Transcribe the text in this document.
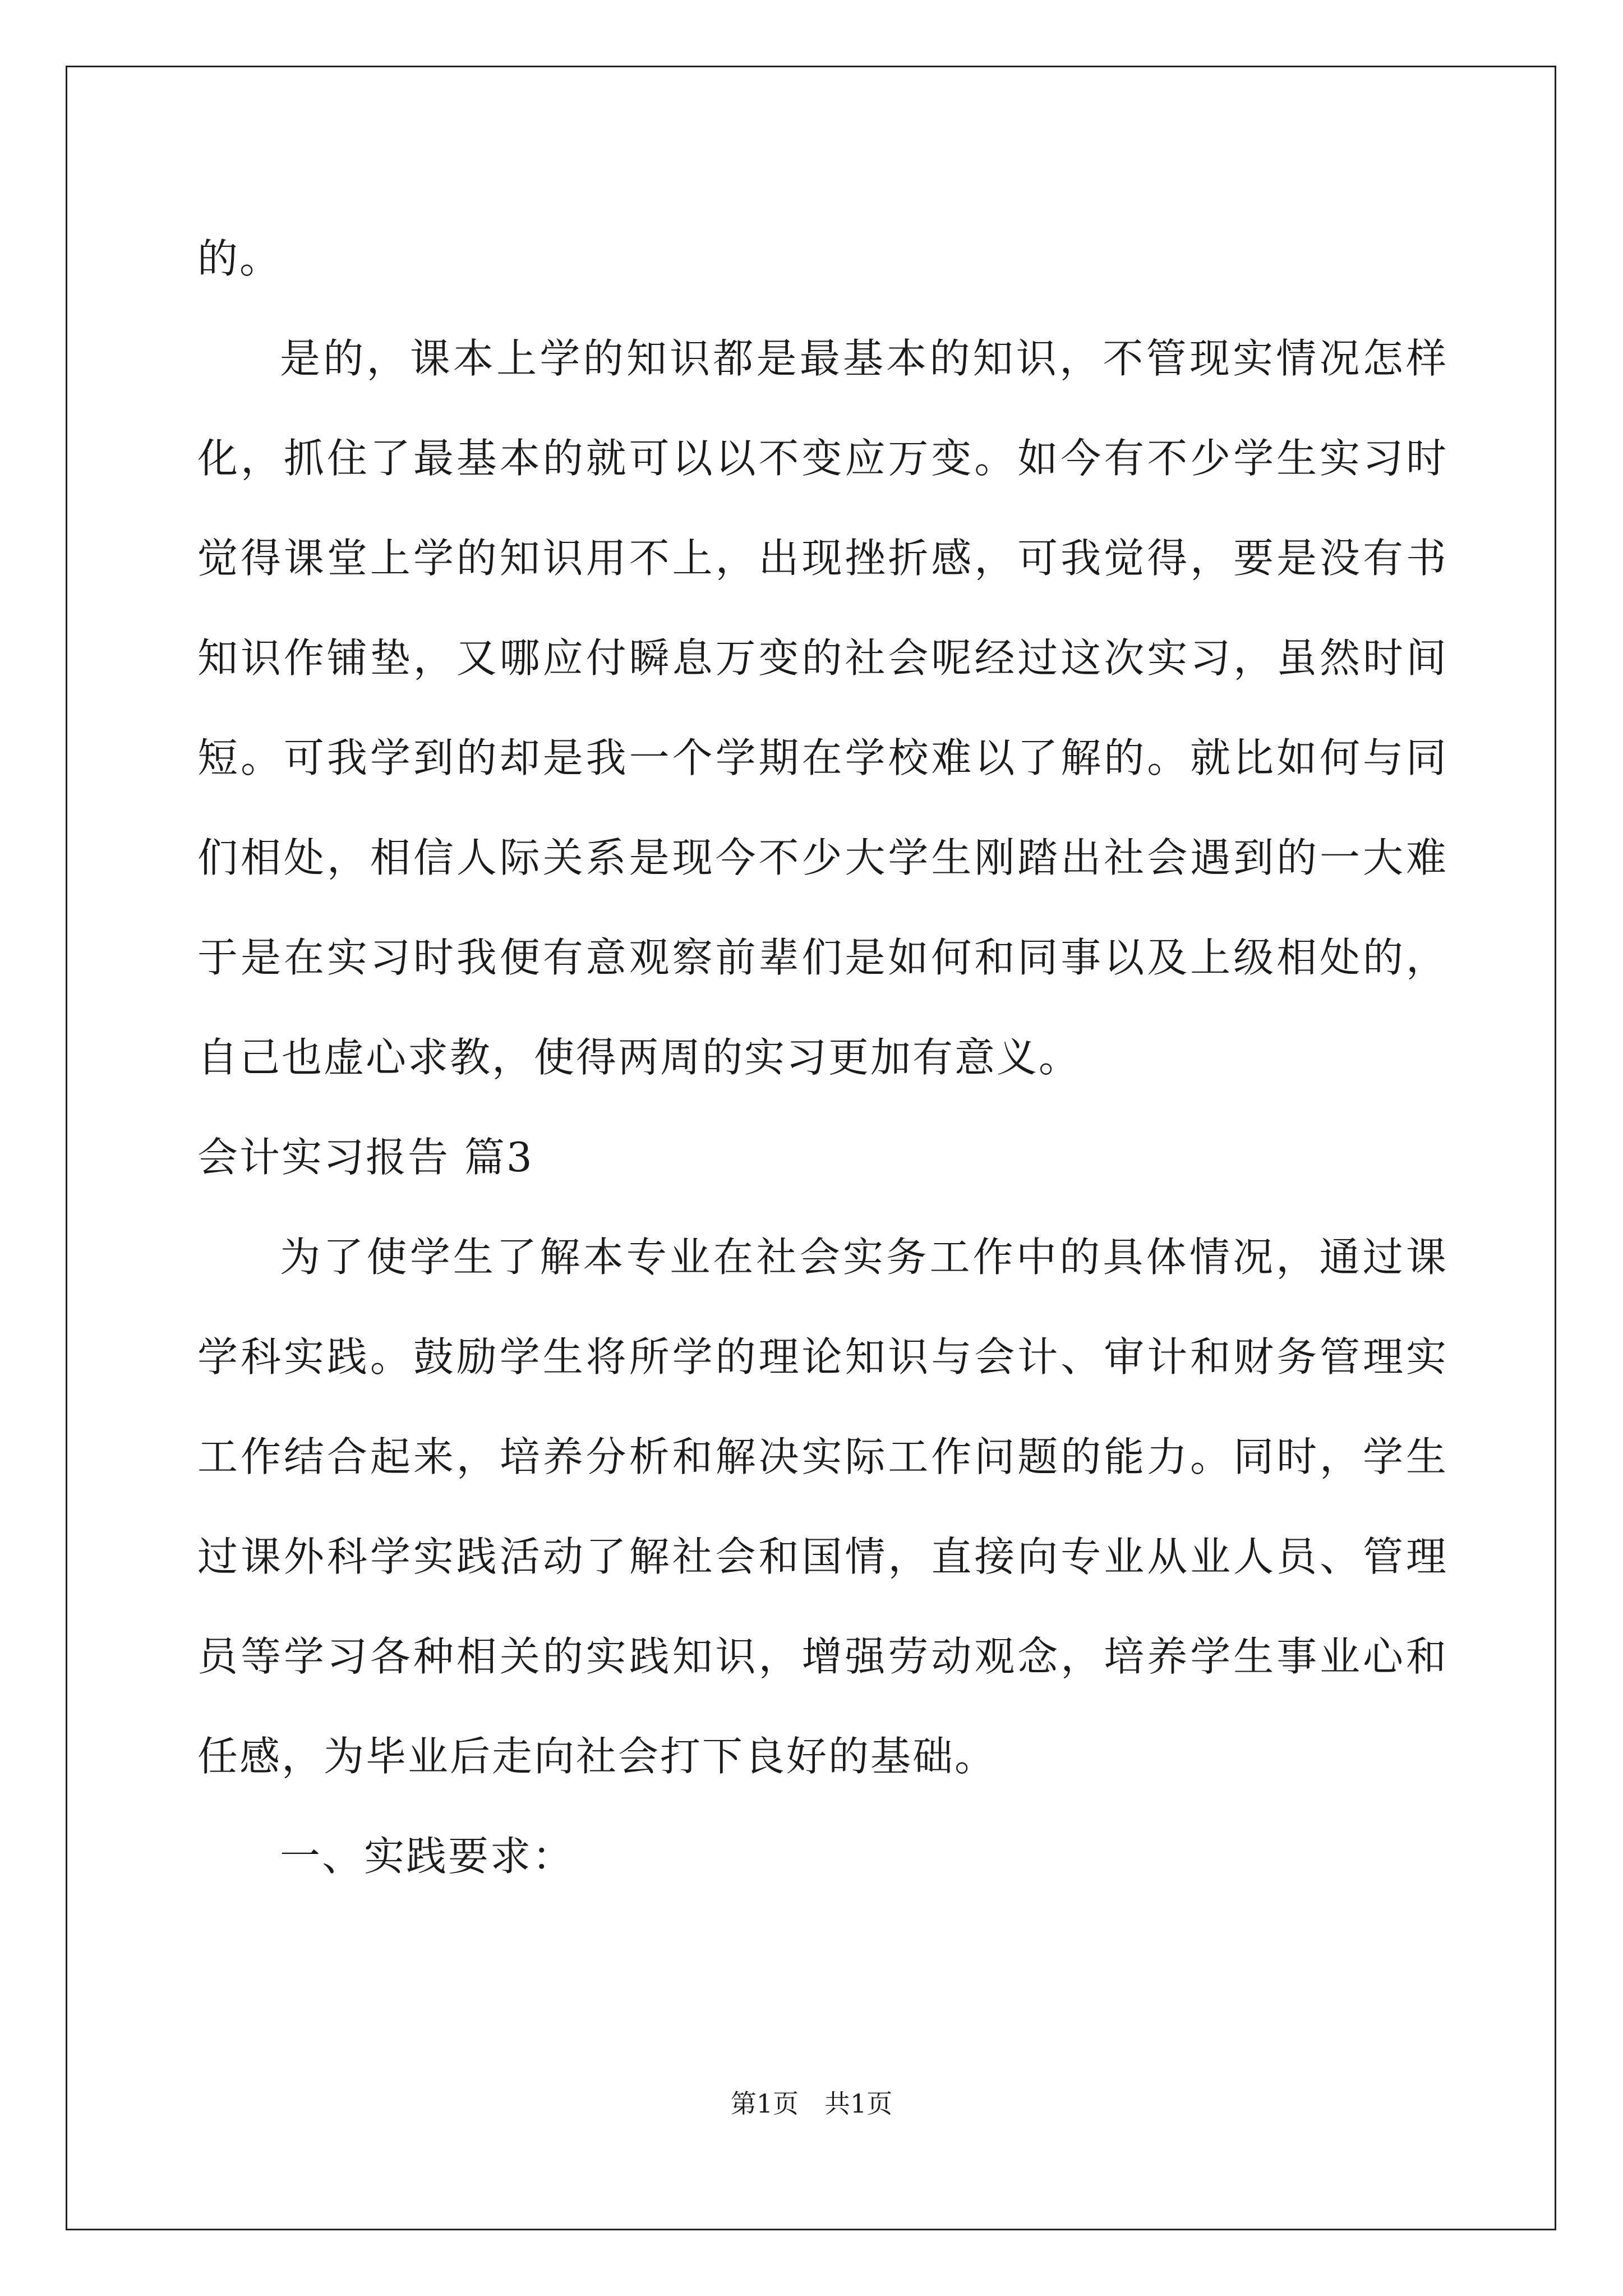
的。

是的，课本上学的知识都是最基本的知识，不管现实情况怎样

化，抓住了最基本的就可以以不变应万变。如今有不少学生实习时

觉得课堂上学的知识用不上，出现挫折感，可我觉得，要是没有书

知识作铺垫，又哪应付瞬息万变的社会呢经过这次实习，虽然时间

短。可我学到的却是我一个学期在学校难以了解的。就比如何与同

们相处，相信人际关系是现今不少大学生刚踏出社会遇到的一大难

于是在实习时我便有意观察前辈们是如何和同事以及上级相处的，

自己也虚心求教，使得两周的实习更加有意义。

会计实习报告 篇3

为了使学生了解本专业在社会实务工作中的具体情况，通过课

学科实践。鼓励学生将所学的理论知识与会计、审计和财务管理实

工作结合起来，培养分析和解决实际工作问题的能力。同时，学生

过课外科学实践活动了解社会和国情，直接向专业从业人员、管理

员等学习各种相关的实践知识，增强劳动观念，培养学生事业心和

任感，为毕业后走向社会打下良好的基础。

一、实践要求：

第1页　共1页
